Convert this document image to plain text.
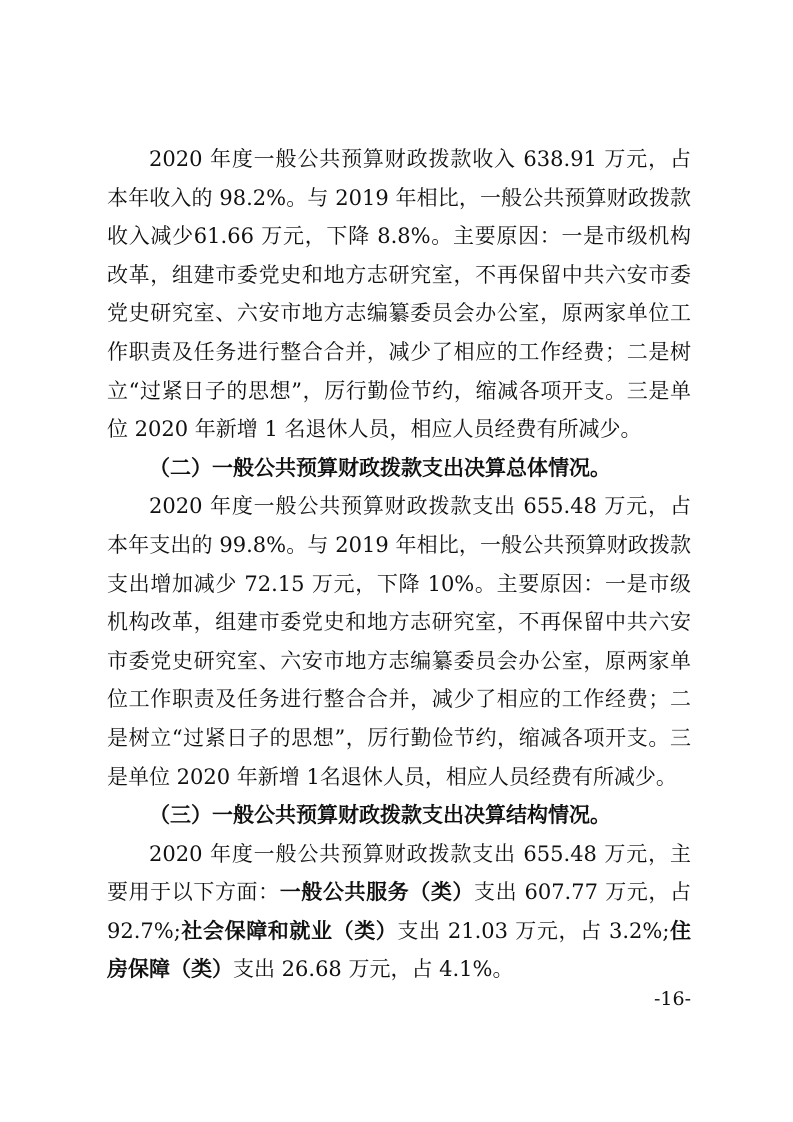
2020 年度一般公共预算财政拨款收入 638.91 万元，占本年收入的 98.2%。与 2019 年相比，一般公共预算财政拨款收入减少61.66 万元，下降 8.8%。主要原因：一是市级机构改革，组建市委党史和地方志研究室，不再保留中共六安市委党史研究室、六安市地方志编纂委员会办公室，原两家单位工作职责及任务进行整合合并，减少了相应的工作经费；二是树立“过紧日子的思想”，厉行勤俭节约，缩减各项开支。三是单位 2020 年新增 1 名退休人员，相应人员经费有所减少。

（二）一般公共预算财政拨款支出决算总体情况。

2020 年度一般公共预算财政拨款支出 655.48 万元，占本年支出的 99.8%。与 2019 年相比，一般公共预算财政拨款支出增加减少 72.15 万元，下降 10%。主要原因：一是市级机构改革，组建市委党史和地方志研究室，不再保留中共六安市委党史研究室、六安市地方志编纂委员会办公室，原两家单位工作职责及任务进行整合合并，减少了相应的工作经费；二是树立“过紧日子的思想”，厉行勤俭节约，缩减各项开支。三是单位 2020 年新增 1名退休人员，相应人员经费有所减少。

（三）一般公共预算财政拨款支出决算结构情况。

2020 年度一般公共预算财政拨款支出 655.48 万元，主要用于以下方面：一般公共服务（类）支出 607.77 万元，占 92.7%;社会保障和就业（类）支出 21.03 万元，占 3.2%;住房保障（类）支出 26.68 万元，占 4.1%。

-16-
